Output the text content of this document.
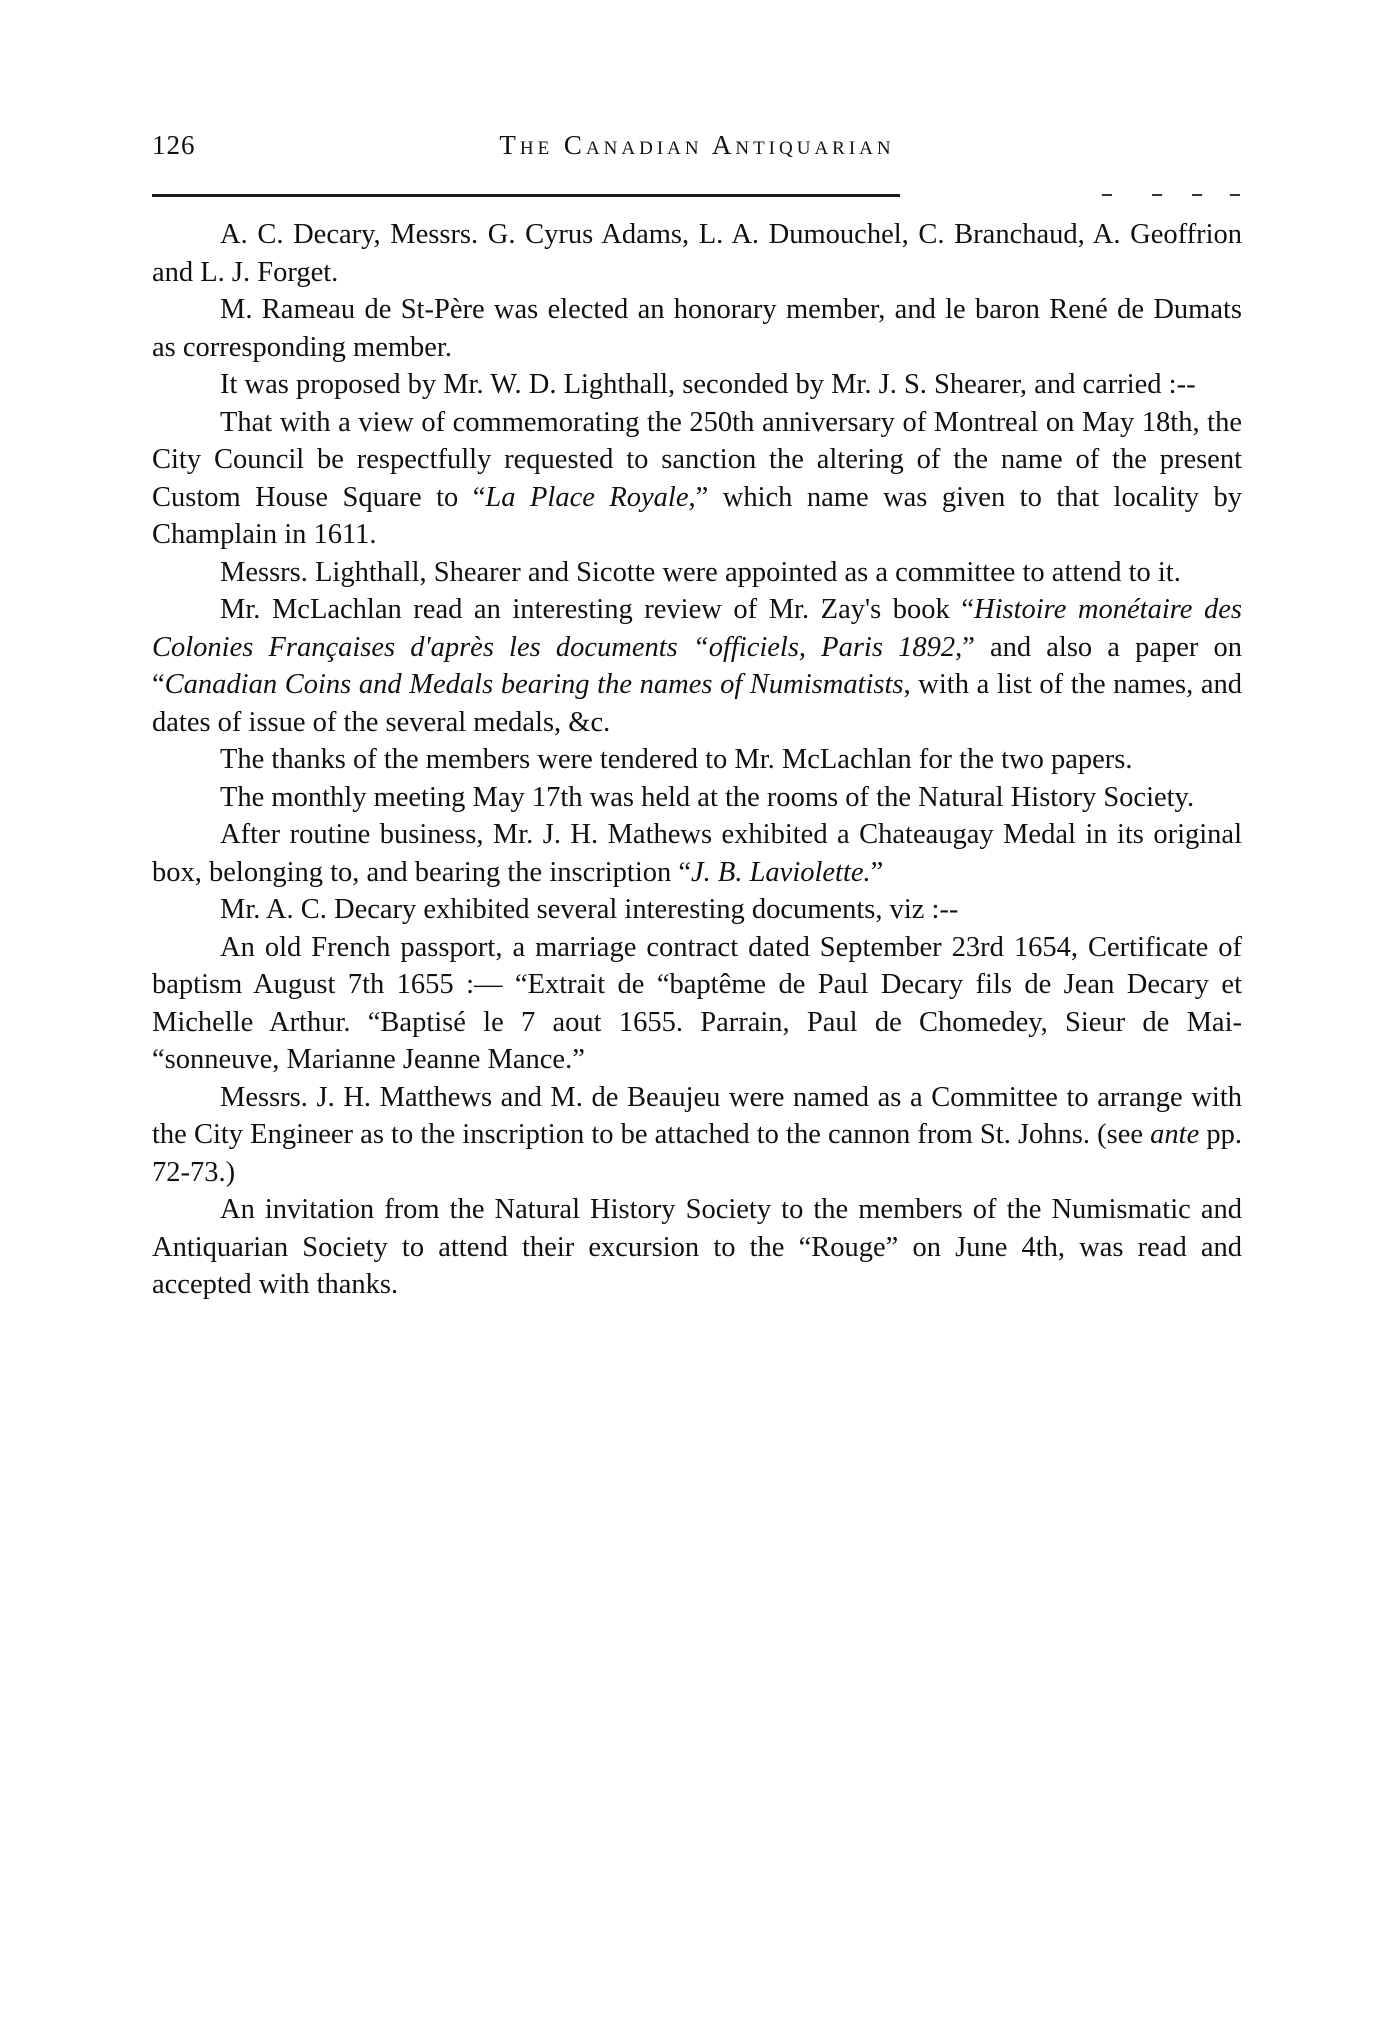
126	The Canadian Antiquarian

A. C. Decary, Messrs. G. Cyrus Adams, L. A. Dumouchel, C. Branchaud, A. Geoffrion and L. J. Forget.

M. Rameau de St-Père was elected an honorary member, and le baron René de Dumats as corresponding member.

It was proposed by Mr. W. D. Lighthall, seconded by Mr. J. S. Shearer, and carried :--

That with a view of commemorating the 250th anniversary of Montreal on May 18th, the City Council be respectfully requested to sanction the altering of the name of the present Custom House Square to “La Place Royale,” which name was given to that locality by Champlain in 1611.

Messrs. Lighthall, Shearer and Sicotte were appointed as a committee to attend to it.

Mr. McLachlan read an interesting review of Mr. Zay's book “Histoire monétaire des Colonies Françaises d'après les documents “officiels, Paris 1892,” and also a paper on “Canadian Coins and Medals bearing the names of Numismatists, with a list of the names, and dates of issue of the several medals, &c.

The thanks of the members were tendered to Mr. McLachlan for the two papers.

The monthly meeting May 17th was held at the rooms of the Natural History Society.

After routine business, Mr. J. H. Mathews exhibited a Chateaugay Medal in its original box, belonging to, and bearing the inscription “J. B. Laviolette.”

Mr. A. C. Decary exhibited several interesting documents, viz :--

An old French passport, a marriage contract dated September 23rd 1654, Certificate of baptism August 7th 1655 :— “Extrait de “baptême de Paul Decary fils de Jean Decary et Michelle Arthur. “Baptisé le 7 aout 1655. Parrain, Paul de Chomedey, Sieur de Mai- “sonneuve, Marianne Jeanne Mance.”

Messrs. J. H. Matthews and M. de Beaujeu were named as a Committee to arrange with the City Engineer as to the inscription to be attached to the cannon from St. Johns. (see ante pp. 72-73.)

An invitation from the Natural History Society to the members of the Numismatic and Antiquarian Society to attend their excursion to the “Rouge” on June 4th, was read and accepted with thanks.
